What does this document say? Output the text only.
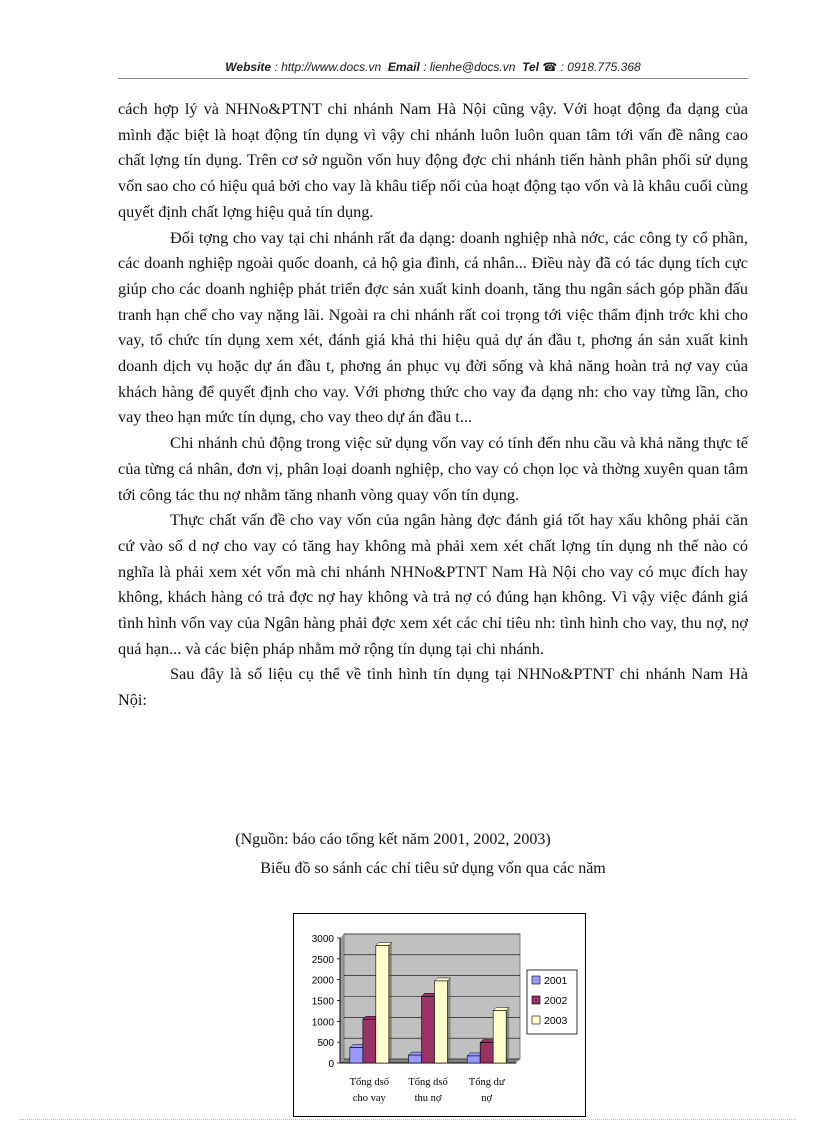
Website : http://www.docs.vn Email : lienhe@docs.vn Tel ☎ : 0918.775.368

cách hợp lý và NHNo&PTNT chi nhánh Nam Hà Nội cũng vậy. Với hoạt động đa dạng của mình đặc biệt là hoạt động tín dụng vì vậy chi nhánh luôn luôn quan tâm tới vấn đề nâng cao chất lợng tín dụng. Trên cơ sở nguồn vốn huy động đợc chi nhánh tiến hành phân phối sử dụng vốn sao cho có hiệu quả bởi cho vay là khâu tiếp nối của hoạt động tạo vốn và là khâu cuối cùng quyết định chất lợng hiệu quả tín dụng.

Đối tợng cho vay tại chi nhánh rất đa dạng: doanh nghiệp nhà nớc, các công ty cổ phần, các doanh nghiệp ngoài quốc doanh, cả hộ gia đình, cá nhân... Điều này đã có tác dụng tích cực giúp cho các doanh nghiệp phát triển đợc sản xuất kinh doanh, tăng thu ngân sách góp phần đấu tranh hạn chế cho vay nặng lãi. Ngoài ra chi nhánh rất coi trọng tới việc thẩm định trớc khi cho vay, tổ chức tín dụng xem xét, đánh giá khả thi hiệu quả dự án đầu t, phơng án sản xuất kinh doanh dịch vụ hoặc dự án đầu t, phơng án phục vụ đời sống và khả năng hoàn trả nợ vay của khách hàng để quyết định cho vay. Với phơng thức cho vay đa dạng nh: cho vay từng lần, cho vay theo hạn mức tín dụng, cho vay theo dự án đầu t...

Chi nhánh chủ động trong việc sử dụng vốn vay có tính đến nhu cầu và khả năng thực tế của từng cá nhân, đơn vị, phân loại doanh nghiệp, cho vay có chọn lọc và thờng xuyên quan tâm tới công tác thu nợ nhằm tăng nhanh vòng quay vốn tín dụng.

Thực chất vấn đề cho vay vốn của ngân hàng đợc đánh giá tốt hay xấu không phải căn cứ vào số d nợ cho vay có tăng hay không mà phải xem xét chất lợng tín dụng nh thế nào có nghĩa là phải xem xét vốn mà chi nhánh NHNo&PTNT Nam Hà Nội cho vay có mục đích hay không, khách hàng có trả đợc nợ hay không và trả nợ có đúng hạn không. Vì vậy việc đánh giá tình hình vốn vay của Ngân hàng phải đợc xem xét các chỉ tiêu nh: tình hình cho vay, thu nợ, nợ quá hạn... và các biện pháp nhằm mở rộng tín dụng tại chi nhánh.

Sau đây là số liệu cụ thể về tình hình tín dụng tại NHNo&PTNT chi nhánh Nam Hà Nội:

(Nguồn: báo cáo tổng kết năm 2001, 2002, 2003)
Biểu đồ so sánh các chỉ tiêu sử dụng vốn qua các năm
0
500
1000
1500
2000
2500
3000
Tổng dsố
cho vay
Tổng dsố
thu nợ
Tổng dư
nợ
2001
2002
2003
